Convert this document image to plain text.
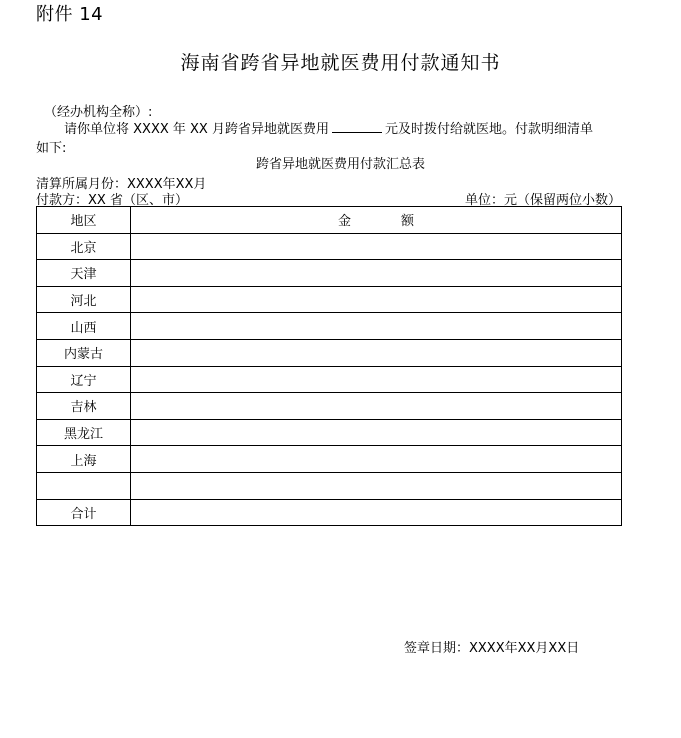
附件 14
海南省跨省异地就医费用付款通知书
（经办机构全称）:
请你单位将 XXXX 年 XX 月跨省异地就医费用	元及时拨付给就医地。付款明细清单
如下:
跨省异地就医费用付款汇总表
清算所属月份：XXXX年XX月
付款方：XX 省（区、市）	单位：元（保留两位小数）
地区	金 额
北京	
天津	
河北	
山西	
内蒙古	
辽宁	
吉林	
黑龙江	
上海	

合计	
签章日期：XXXX年XX月XX日
